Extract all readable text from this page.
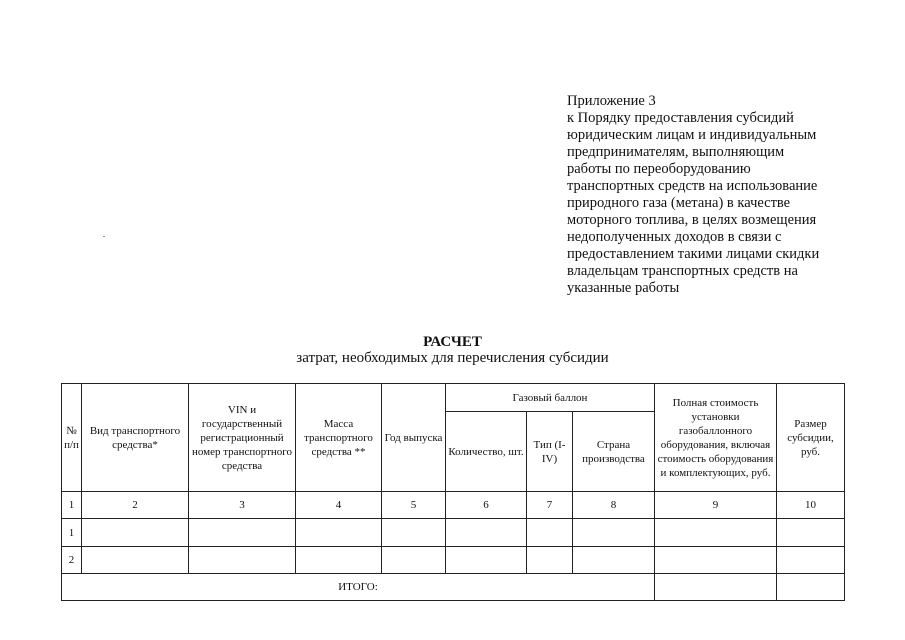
Приложение 3
к Порядку предоставления субсидий
юридическим лицам и индивидуальным
предпринимателям, выполняющим
работы по переоборудованию
транспортных средств на использование
природного газа (метана) в качестве
моторного топлива, в целях возмещения
недополученных доходов в связи с
предоставлением такими лицами скидки
владельцам транспортных средств на
указанные работы
РАСЧЕТ
затрат, необходимых для перечисления субсидии
№ п/п	Вид транспортного средства*	VIN и государственный регистрационный номер транспортного средства	Масса транспортного средства **	Год выпуска	Газовый баллон			Полная стоимость установки газобаллонного оборудования, включая стоимость оборудования и комплектующих, руб.	Размер субсидии, руб.
					Количество, шт.	Тип (I-IV)	Страна производства		
1	2	3	4	5	6	7	8	9	10
1									
2									
ИТОГО:									
